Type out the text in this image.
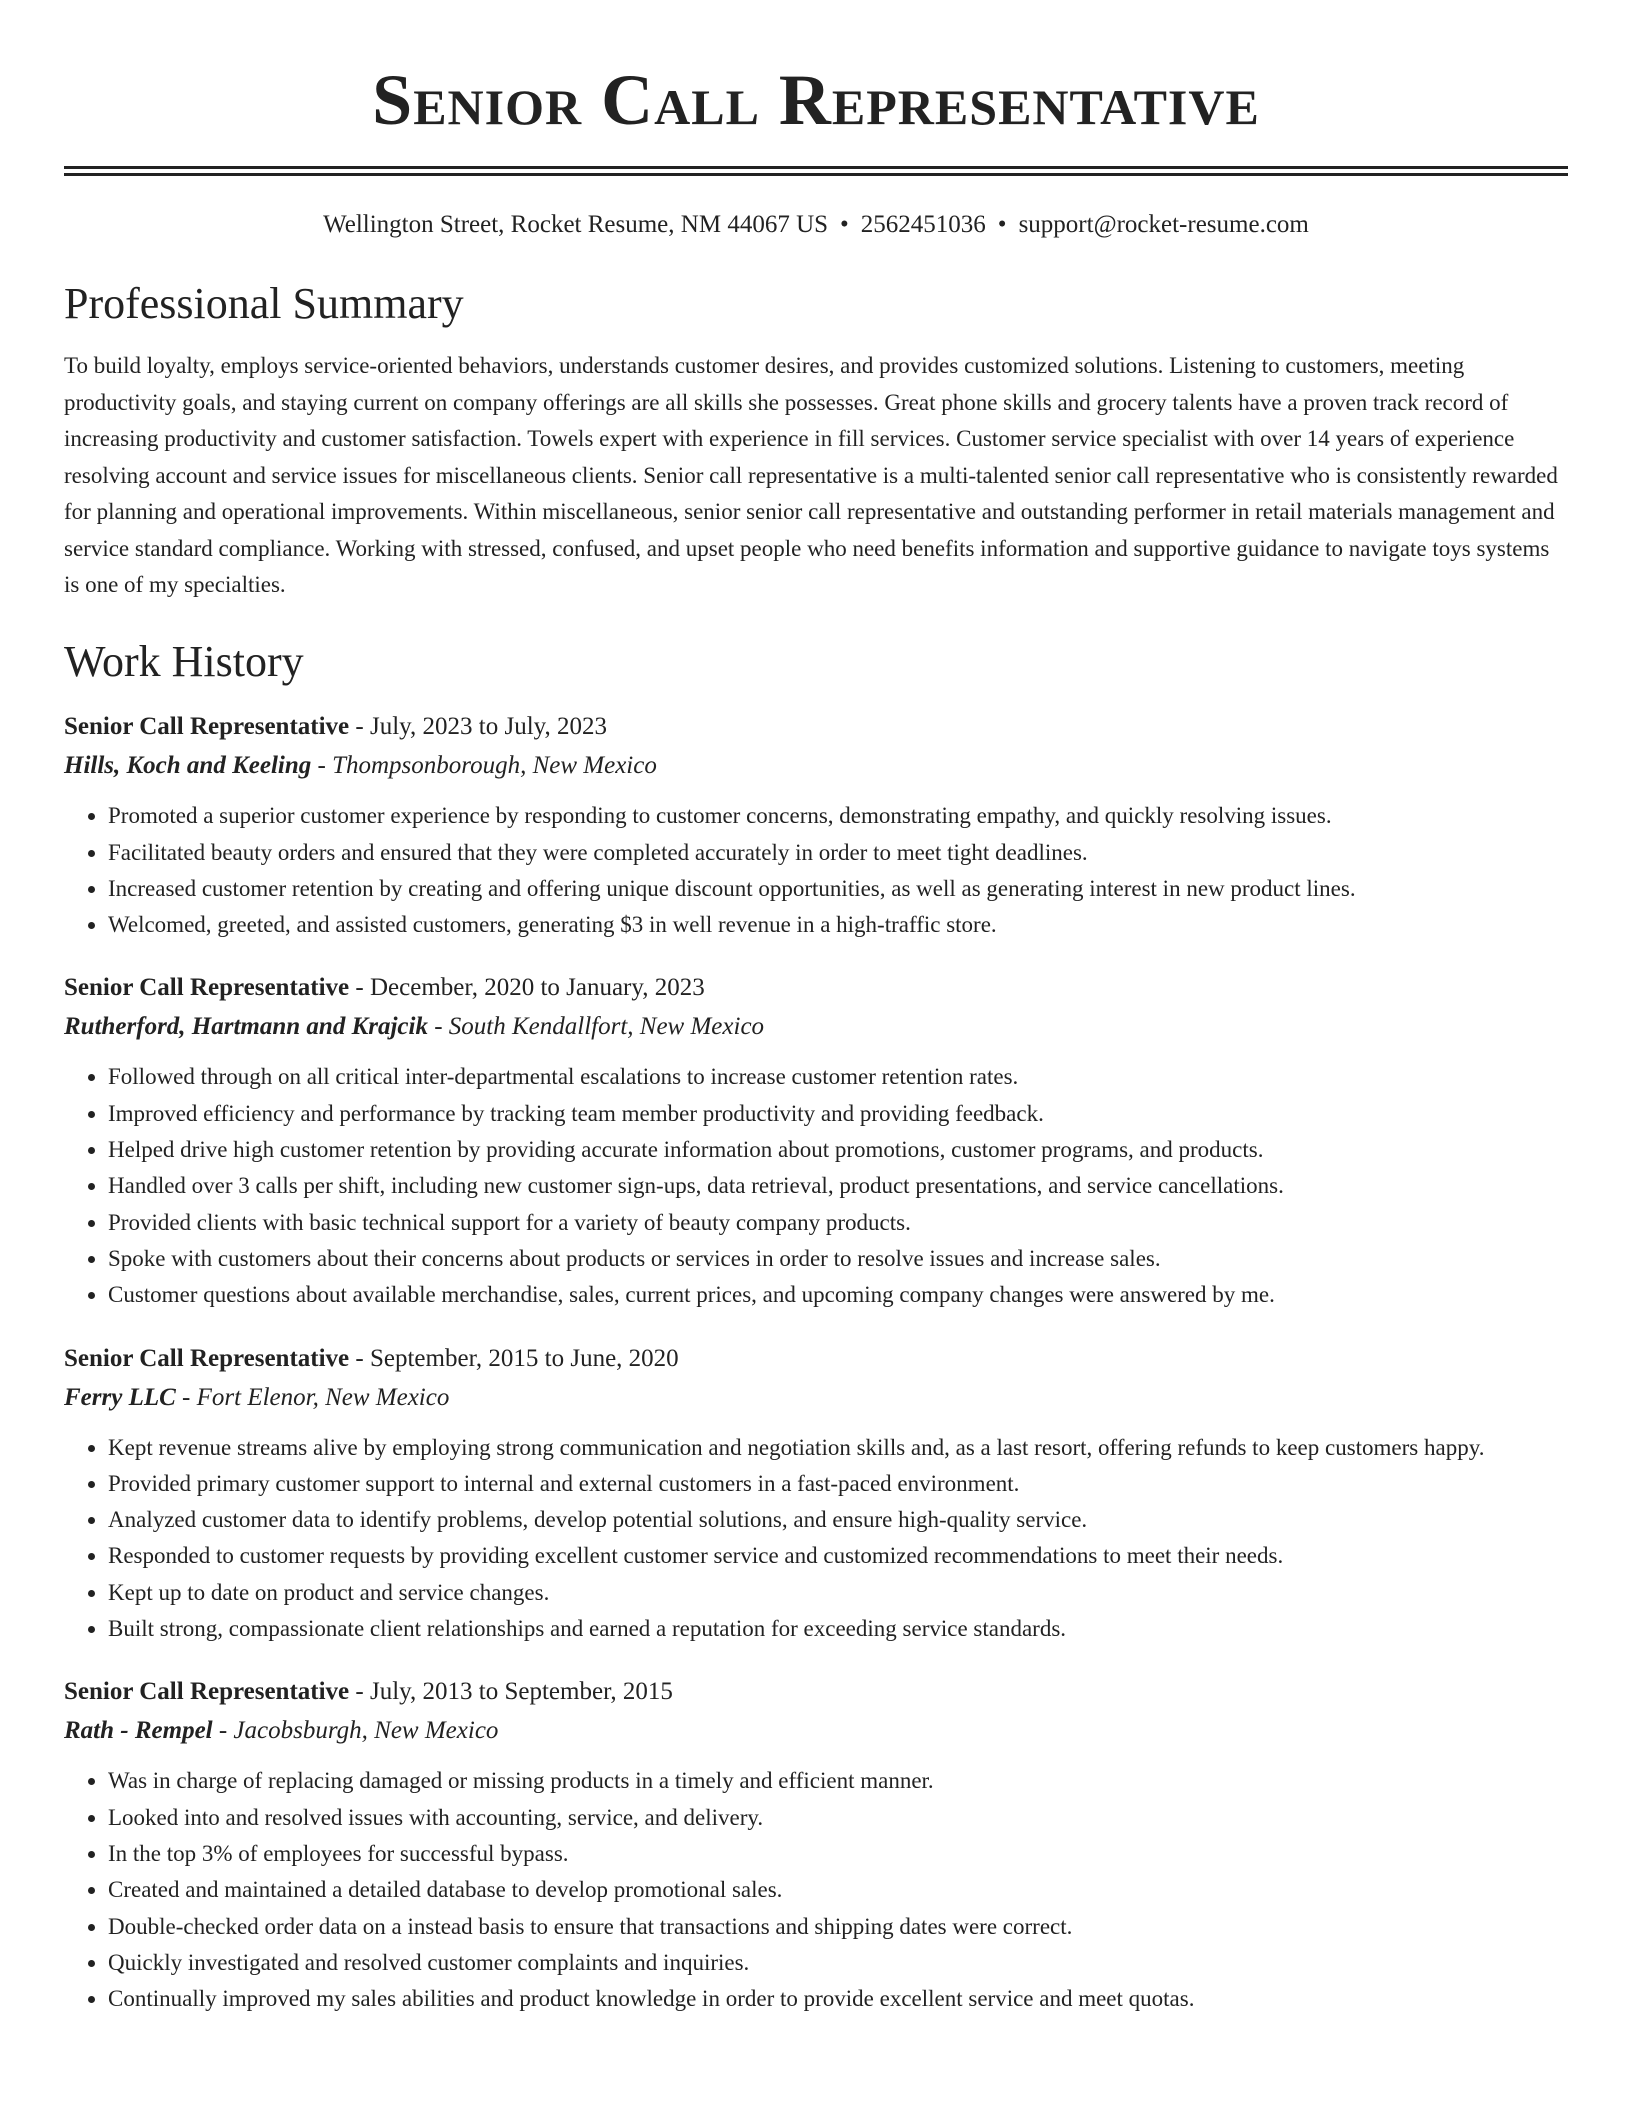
Senior Call Representative
Wellington Street, Rocket Resume, NM 44067 US • 2562451036 • support@rocket-resume.com
Professional Summary

To build loyalty, employs service-oriented behaviors, understands customer desires, and provides customized solutions. Listening to customers, meeting productivity goals, and staying current on company offerings are all skills she possesses. Great phone skills and grocery talents have a proven track record of increasing productivity and customer satisfaction. Towels expert with experience in fill services. Customer service specialist with over 14 years of experience resolving account and service issues for miscellaneous clients. Senior call representative is a multi-talented senior call representative who is consistently rewarded for planning and operational improvements. Within miscellaneous, senior senior call representative and outstanding performer in retail materials management and service standard compliance. Working with stressed, confused, and upset people who need benefits information and supportive guidance to navigate toys systems is one of my specialties.

Work History
Senior Call Representative - July, 2023 to July, 2023
Hills, Koch and Keeling - Thompsonborough, New Mexico
• Promoted a superior customer experience by responding to customer concerns, demonstrating empathy, and quickly resolving issues.
• Facilitated beauty orders and ensured that they were completed accurately in order to meet tight deadlines.
• Increased customer retention by creating and offering unique discount opportunities, as well as generating interest in new product lines.
• Welcomed, greeted, and assisted customers, generating $3 in well revenue in a high-traffic store.
Senior Call Representative - December, 2020 to January, 2023
Rutherford, Hartmann and Krajcik - South Kendallfort, New Mexico
• Followed through on all critical inter-departmental escalations to increase customer retention rates.
• Improved efficiency and performance by tracking team member productivity and providing feedback.
• Helped drive high customer retention by providing accurate information about promotions, customer programs, and products.
• Handled over 3 calls per shift, including new customer sign-ups, data retrieval, product presentations, and service cancellations.
• Provided clients with basic technical support for a variety of beauty company products.
• Spoke with customers about their concerns about products or services in order to resolve issues and increase sales.
• Customer questions about available merchandise, sales, current prices, and upcoming company changes were answered by me.
Senior Call Representative - September, 2015 to June, 2020
Ferry LLC - Fort Elenor, New Mexico
• Kept revenue streams alive by employing strong communication and negotiation skills and, as a last resort, offering refunds to keep customers happy.
• Provided primary customer support to internal and external customers in a fast-paced environment.
• Analyzed customer data to identify problems, develop potential solutions, and ensure high-quality service.
• Responded to customer requests by providing excellent customer service and customized recommendations to meet their needs.
• Kept up to date on product and service changes.
• Built strong, compassionate client relationships and earned a reputation for exceeding service standards.
Senior Call Representative - July, 2013 to September, 2015
Rath - Rempel - Jacobsburgh, New Mexico
• Was in charge of replacing damaged or missing products in a timely and efficient manner.
• Looked into and resolved issues with accounting, service, and delivery.
• In the top 3% of employees for successful bypass.
• Created and maintained a detailed database to develop promotional sales.
• Double-checked order data on a instead basis to ensure that transactions and shipping dates were correct.
• Quickly investigated and resolved customer complaints and inquiries.
• Continually improved my sales abilities and product knowledge in order to provide excellent service and meet quotas.
